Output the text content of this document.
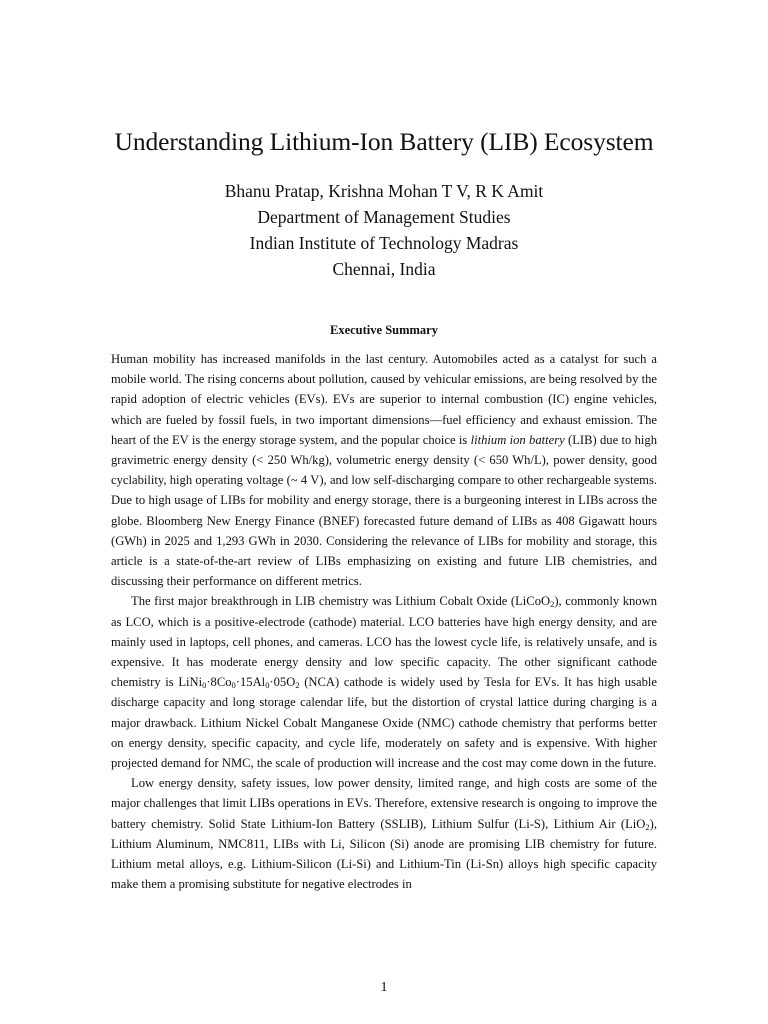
Understanding Lithium-Ion Battery (LIB) Ecosystem
Bhanu Pratap, Krishna Mohan T V, R K Amit
Department of Management Studies
Indian Institute of Technology Madras
Chennai, India
Executive Summary

Human mobility has increased manifolds in the last century. Automobiles acted as a catalyst for such a mobile world. The rising concerns about pollution, caused by vehicular emissions, are being resolved by the rapid adoption of electric vehicles (EVs). EVs are superior to internal combustion (IC) engine vehicles, which are fueled by fossil fuels, in two important dimensions—fuel efficiency and exhaust emission. The heart of the EV is the energy storage system, and the popular choice is lithium ion battery (LIB) due to high gravimetric energy density (< 250 Wh/kg), volumetric energy density (< 650 Wh/L), power density, good cyclability, high operating voltage (~ 4 V), and low self-discharging compare to other rechargeable systems. Due to high usage of LIBs for mobility and energy storage, there is a burgeoning interest in LIBs across the globe. Bloomberg New Energy Finance (BNEF) forecasted future demand of LIBs as 408 Gigawatt hours (GWh) in 2025 and 1,293 GWh in 2030. Considering the relevance of LIBs for mobility and storage, this article is a state-of-the-art review of LIBs emphasizing on existing and future LIB chemistries, and discussing their performance on different metrics.

The first major breakthrough in LIB chemistry was Lithium Cobalt Oxide (LiCoO$_2$), commonly known as LCO, which is a positive-electrode (cathode) material. LCO batteries have high energy density, and are mainly used in laptops, cell phones, and cameras. LCO has the lowest cycle life, is relatively unsafe, and is expensive. It has moderate energy density and low specific capacity. The other significant cathode chemistry is $LiNi_0\cdot 8Co_0\cdot 15Al_0\cdot 05O_2$ (NCA) cathode is widely used by Tesla for EVs. It has high usable discharge capacity and long storage calendar life, but the distortion of crystal lattice during charging is a major drawback. Lithium Nickel Cobalt Manganese Oxide (NMC) cathode chemistry that performs better on energy density, specific capacity, and cycle life, moderately on safety and is expensive. With higher projected demand for NMC, the scale of production will increase and the cost may come down in the future.

Low energy density, safety issues, low power density, limited range, and high costs are some of the major challenges that limit LIBs operations in EVs. Therefore, extensive research is ongoing to improve the battery chemistry. Solid State Lithium-Ion Battery (SSLIB), Lithium Sulfur (Li-S), Lithium Air (LiO$_2$), Lithium Aluminum, NMC811, LIBs with Li, Silicon (Si) anode are promising LIB chemistry for future. Lithium metal alloys, e.g. Lithium-Silicon (Li-Si) and Lithium-Tin (Li-Sn) alloys high specific capacity make them a promising substitute for negative electrodes in

1
